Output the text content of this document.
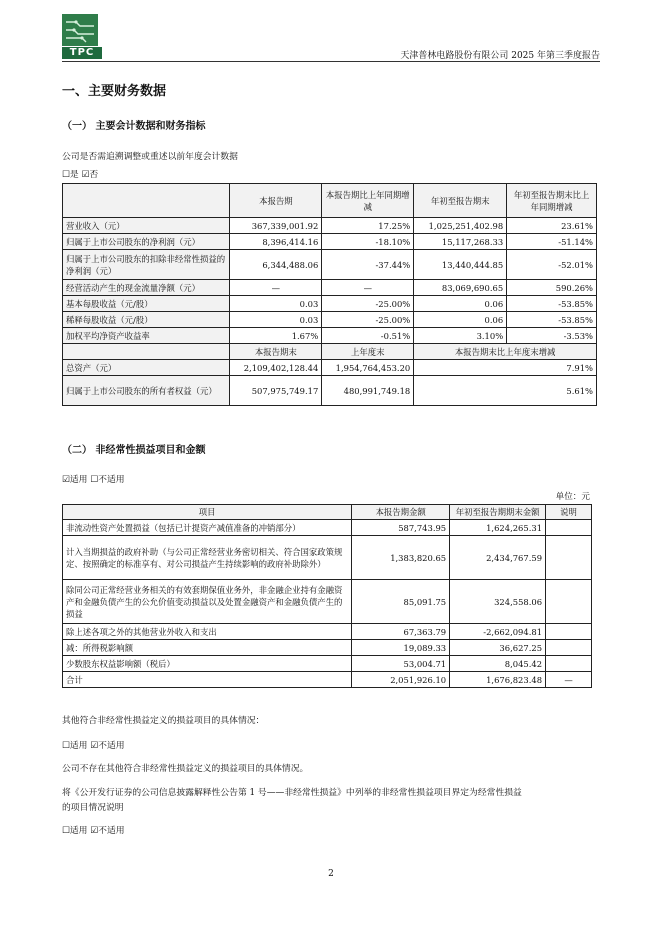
TPC	天津普林电路股份有限公司 2025 年第三季度报告
一、主要财务数据
（一） 主要会计数据和财务指标
公司是否需追溯调整或重述以前年度会计数据
☐是 ☑否
	本报告期	本报告期比上年同期增减	年初至报告期末	年初至报告期末比上年同期增减
营业收入（元）	367,339,001.92	17.25%	1,025,251,402.98	23.61%
归属于上市公司股东的净利润（元）	8,396,414.16	-18.10%	15,117,268.33	-51.14%
归属于上市公司股东的扣除非经常性损益的净利润（元）	6,344,488.06	-37.44%	13,440,444.85	-52.01%
经营活动产生的现金流量净额（元）	—	—	83,069,690.65	590.26%
基本每股收益（元/股）	0.03	-25.00%	0.06	-53.85%
稀释每股收益（元/股）	0.03	-25.00%	0.06	-53.85%
加权平均净资产收益率	1.67%	-0.51%	3.10%	-3.53%
	本报告期末	上年度末	本报告期末比上年度末增减	
总资产（元）	2,109,402,128.44	1,954,764,453.20	7.91%	
归属于上市公司股东的所有者权益（元）	507,975,749.17	480,991,749.18	5.61%	
（二） 非经常性损益项目和金额
☑适用 ☐不适用
单位：元
项目	本报告期金额	年初至报告期期末金额	说明
非流动性资产处置损益（包括已计提资产减值准备的冲销部分）	587,743.95	1,624,265.31	
计入当期损益的政府补助（与公司正常经营业务密切相关、符合国家政策规定、按照确定的标准享有、对公司损益产生持续影响的政府补助除外）	1,383,820.65	2,434,767.59	
除同公司正常经营业务相关的有效套期保值业务外，非金融企业持有金融资产和金融负债产生的公允价值变动损益以及处置金融资产和金融负债产生的损益	85,091.75	324,558.06	
除上述各项之外的其他营业外收入和支出	67,363.79	-2,662,094.81	
减：所得税影响额	19,089.33	36,627.25	
少数股东权益影响额（税后）	53,004.71	8,045.42	
合计	2,051,926.10	1,676,823.48	—
其他符合非经常性损益定义的损益项目的具体情况：
☐适用 ☑不适用
公司不存在其他符合非经常性损益定义的损益项目的具体情况。
将《公开发行证券的公司信息披露解释性公告第 1 号——非经常性损益》中列举的非经常性损益项目界定为经常性损益
的项目情况说明
☐适用 ☑不适用
2
